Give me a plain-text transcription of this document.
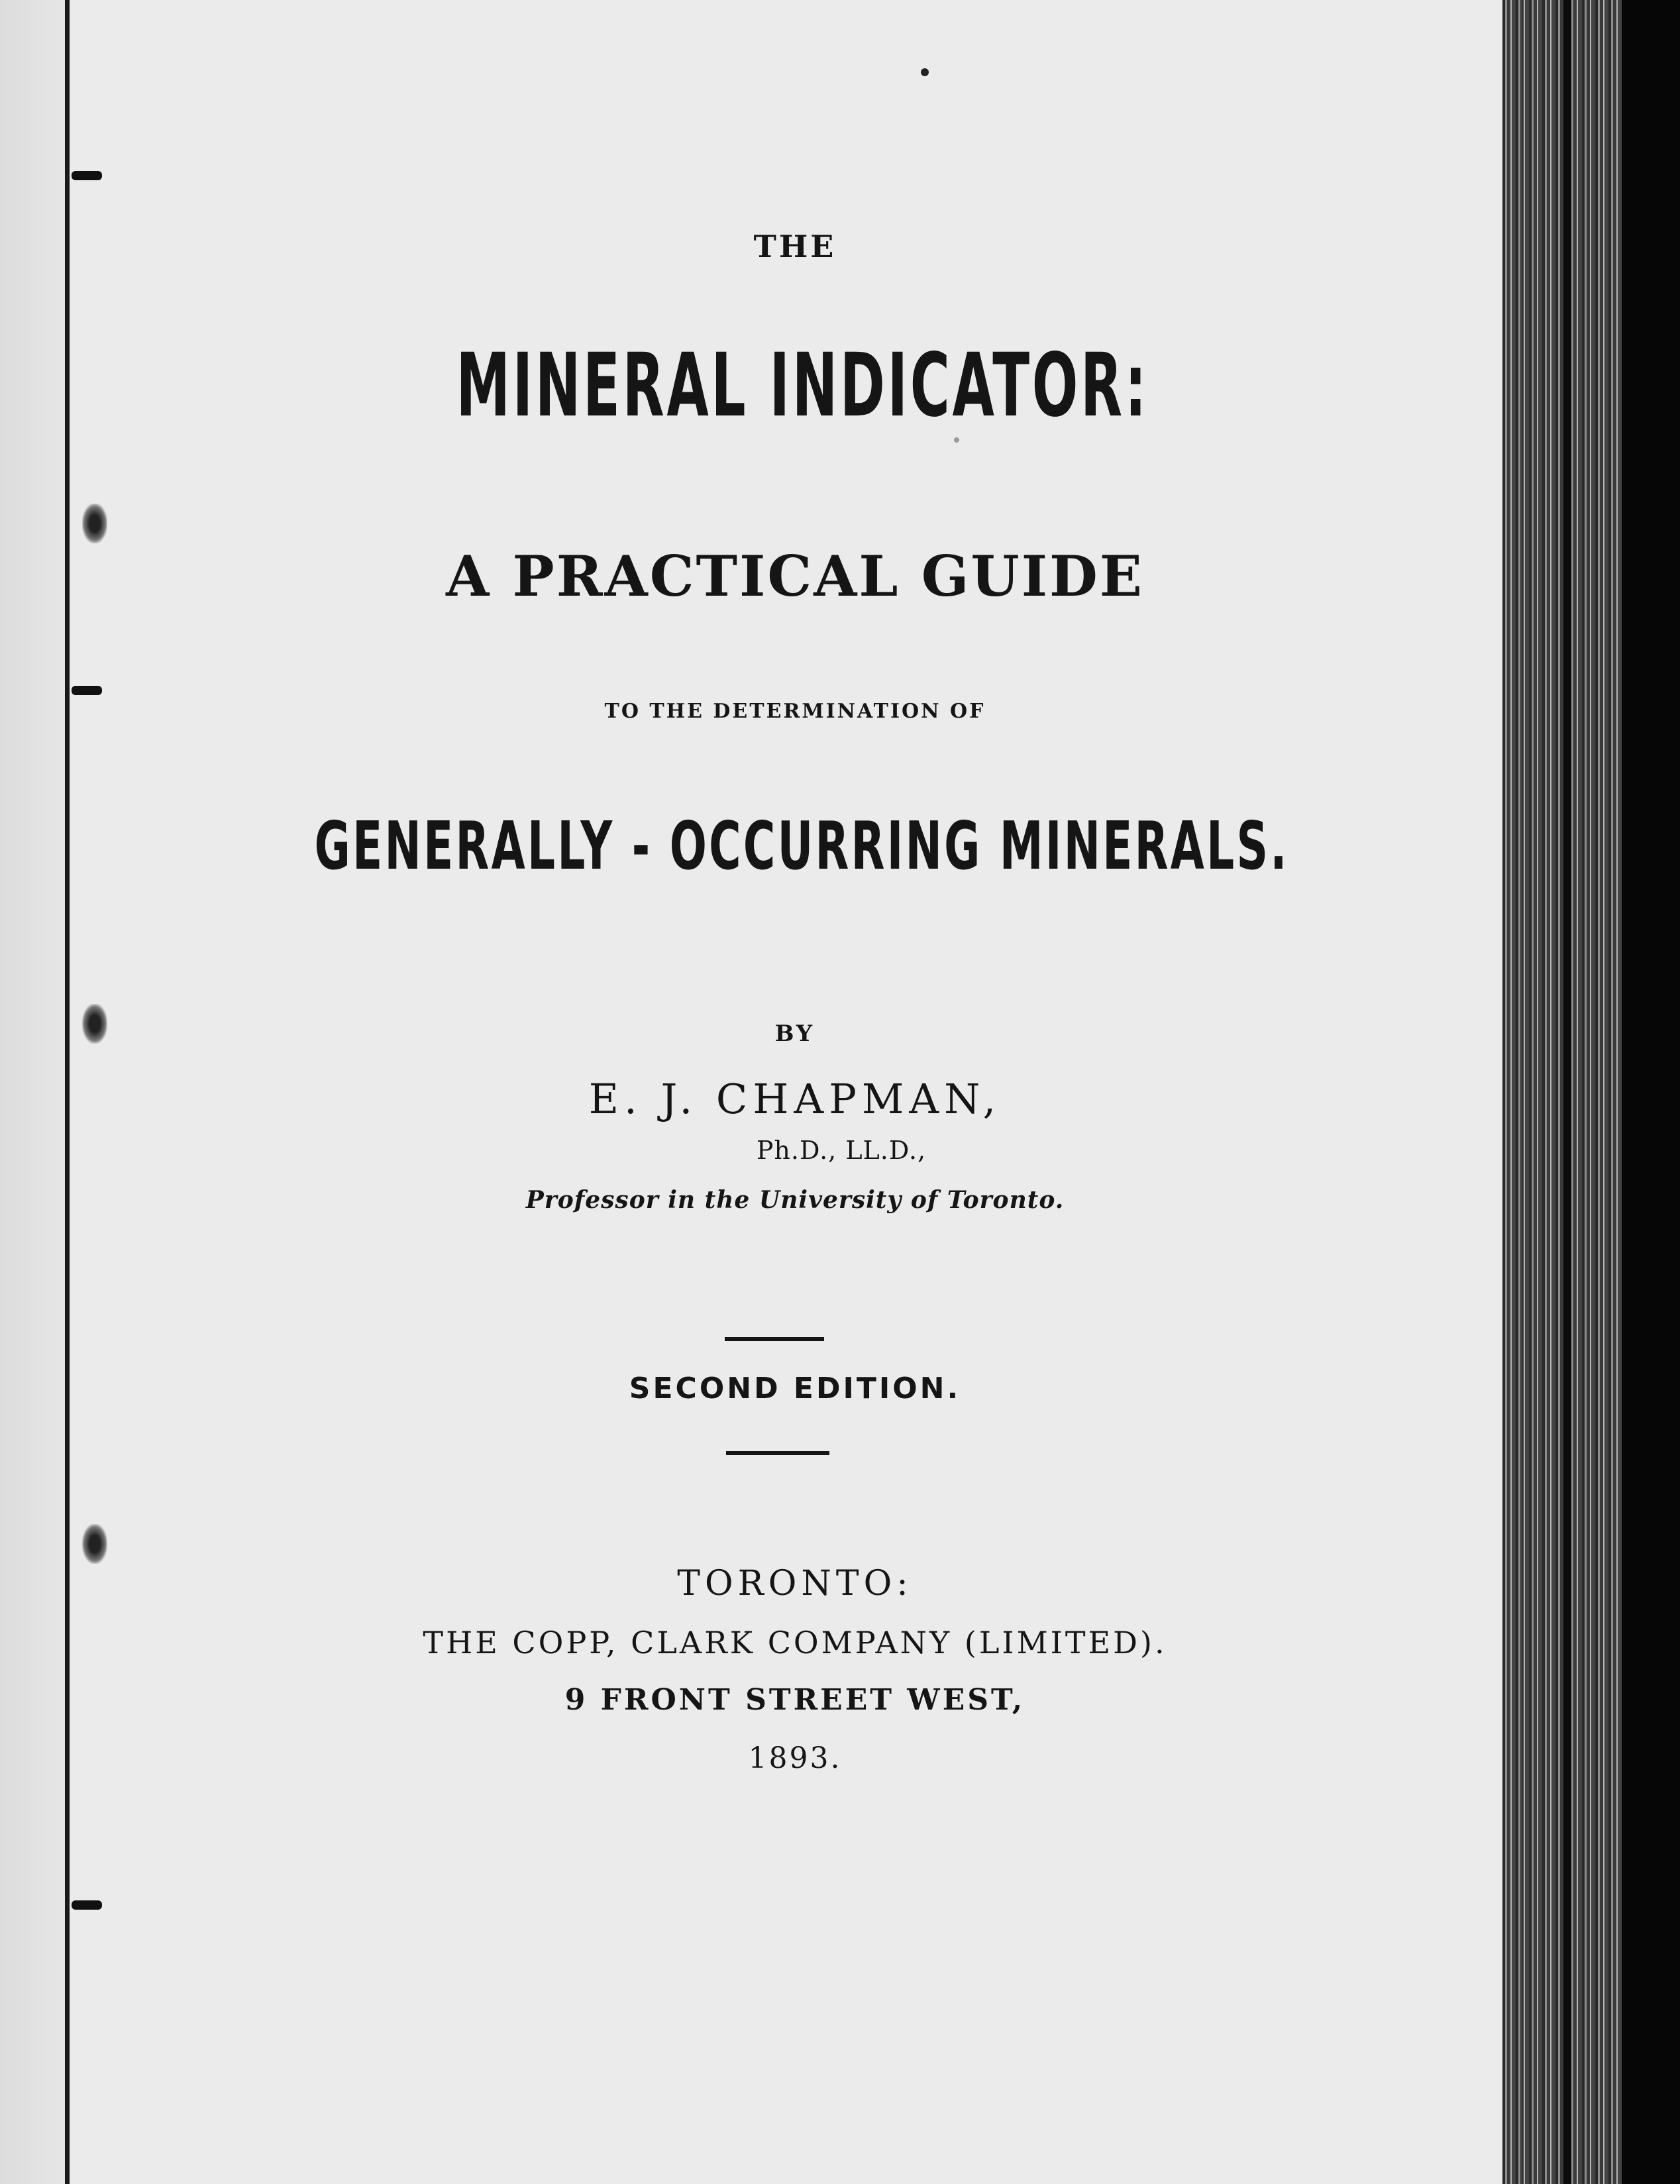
THE

MINERAL INDICATOR:

A PRACTICAL GUIDE

TO THE DETERMINATION OF

GENERALLY - OCCURRING MINERALS.

BY

E. J. CHAPMAN,

Ph.D., LL.D.,

Professor in the University of Toronto.

SECOND EDITION.

TORONTO:

THE COPP, CLARK COMPANY (LIMITED).

9 FRONT STREET WEST,

1893.
